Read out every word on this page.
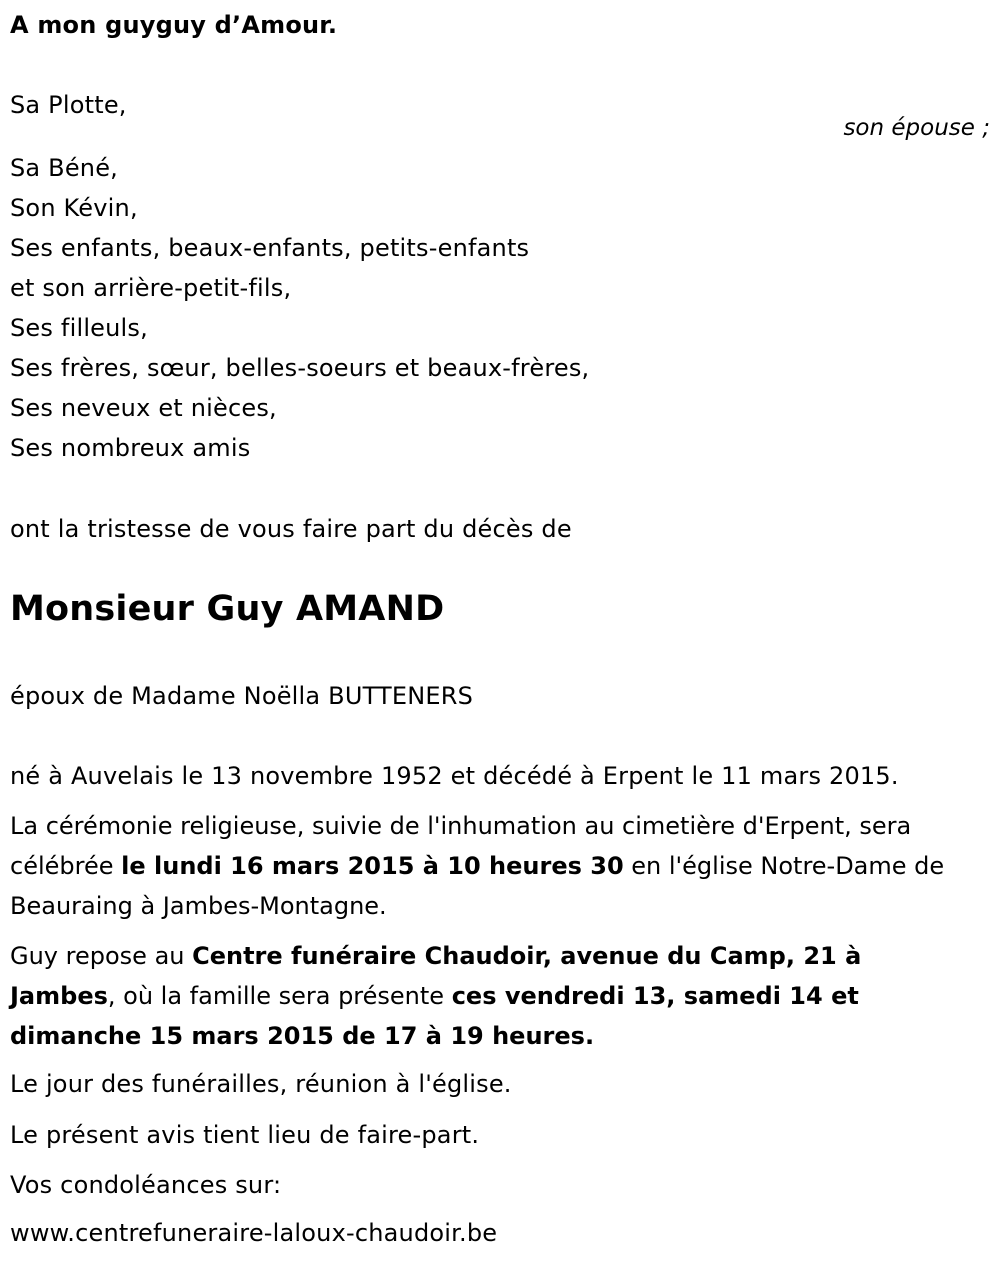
A mon guyguy d’Amour.
Sa Plotte,
son épouse ;
Sa Béné,
Son Kévin,
Ses enfants, beaux-enfants, petits-enfants
et son arrière-petit-fils,
Ses filleuls,
Ses frères, sœur, belles-soeurs et beaux-frères,
Ses neveux et nièces,
Ses nombreux amis
ont la tristesse de vous faire part du décès de
Monsieur Guy AMAND
époux de Madame Noëlla BUTTENERS
né à Auvelais le 13 novembre 1952 et décédé à Erpent le 11 mars 2015.
La cérémonie religieuse, suivie de l'inhumation au cimetière d'Erpent, sera célébrée le lundi 16 mars 2015 à 10 heures 30 en l'église Notre-Dame de Beauraing à Jambes-Montagne.
Guy repose au Centre funéraire Chaudoir, avenue du Camp, 21 à Jambes, où la famille sera présente ces vendredi 13, samedi 14 et dimanche 15 mars 2015 de 17 à 19 heures.
Le jour des funérailles, réunion à l'église.
Le présent avis tient lieu de faire-part.
Vos condoléances sur:
www.centrefuneraire-laloux-chaudoir.be
